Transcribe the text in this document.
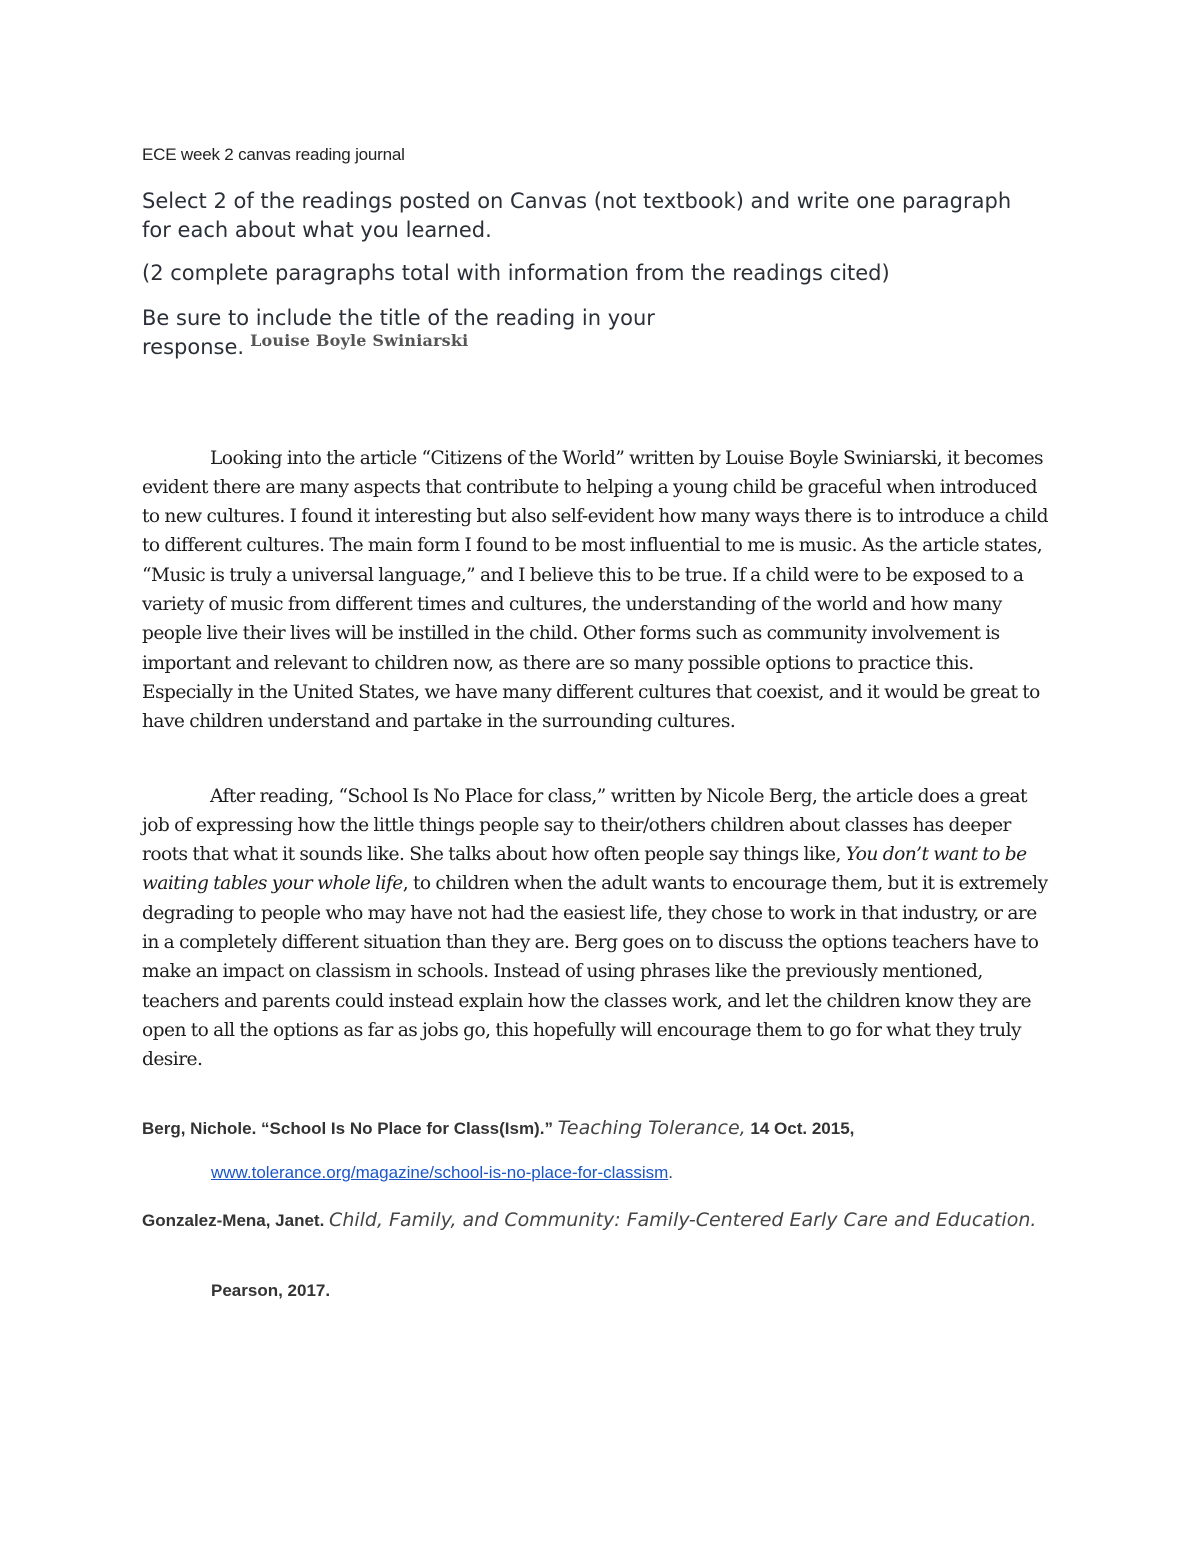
ECE week 2 canvas reading journal
Select 2 of the readings posted on Canvas (not textbook) and write one paragraph for each about what you learned.
(2 complete paragraphs total with information from the readings cited)
Be sure to include the title of the reading in your response. $^{Louise Boyle Swiniarski}$

Looking into the article “Citizens of the World” written by Louise Boyle Swiniarski, it becomes evident there are many aspects that contribute to helping a young child be graceful when introduced to new cultures. I found it interesting but also self-evident how many ways there is to introduce a child to different cultures. The main form I found to be most influential to me is music. As the article states, “Music is truly a universal language,” and I believe this to be true. If a child were to be exposed to a variety of music from different times and cultures, the understanding of the world and how many people live their lives will be instilled in the child. Other forms such as community involvement is important and relevant to children now, as there are so many possible options to practice this. Especially in the United States, we have many different cultures that coexist, and it would be great to have children understand and partake in the surrounding cultures.

After reading, “School Is No Place for class,” written by Nicole Berg, the article does a great job of expressing how the little things people say to their/others children about classes has deeper roots that what it sounds like. She talks about how often people say things like, You don’t want to be waiting tables your whole life, to children when the adult wants to encourage them, but it is extremely degrading to people who may have not had the easiest life, they chose to work in that industry, or are in a completely different situation than they are. Berg goes on to discuss the options teachers have to make an impact on classism in schools. Instead of using phrases like the previously mentioned, teachers and parents could instead explain how the classes work, and let the children know they are open to all the options as far as jobs go, this hopefully will encourage them to go for what they truly desire.

Berg, Nichole. “School Is No Place for Class(Ism).” Teaching Tolerance, 14 Oct. 2015,
www.tolerance.org/magazine/school-is-no-place-for-classism.
Gonzalez-Mena, Janet. Child, Family, and Community: Family-Centered Early Care and Education.
Pearson, 2017.
